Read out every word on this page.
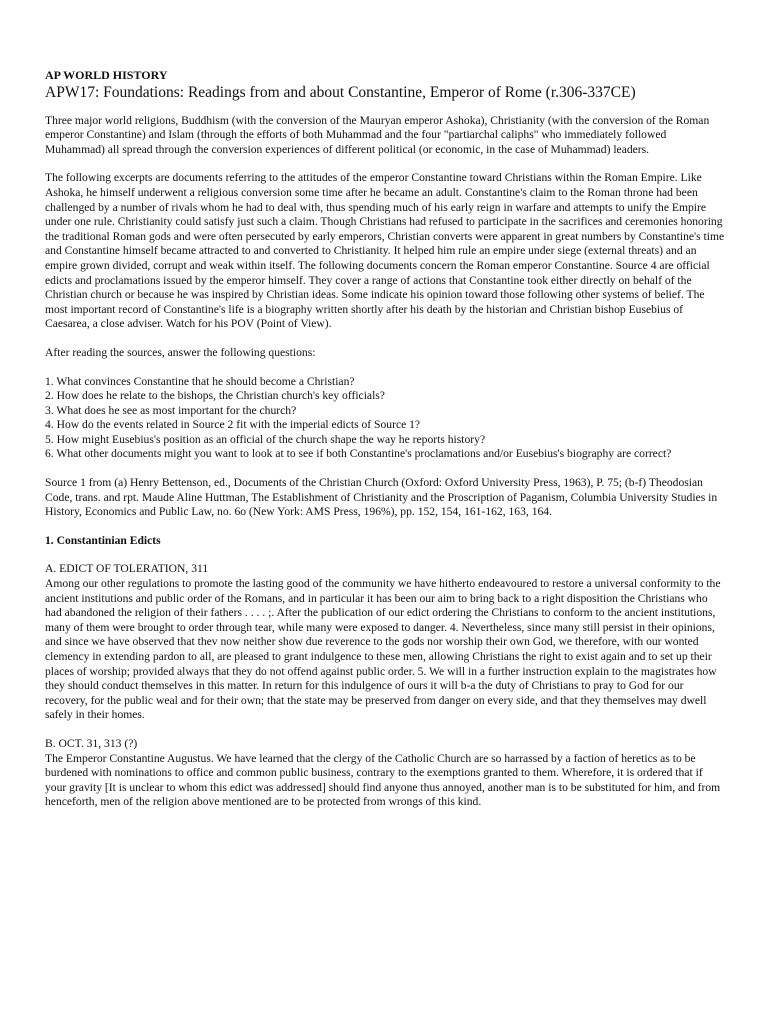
AP WORLD HISTORY
APW17: Foundations: Readings from and about Constantine, Emperor of Rome (r.306-337CE)

Three major world religions, Buddhism (with the conversion of the Mauryan emperor Ashoka), Christianity (with the conversion of the Roman emperor Constantine) and Islam (through the efforts of both Muhammad and the four "partiarchal caliphs" who immediately followed Muhammad) all spread through the conversion experiences of different political (or economic, in the case of Muhammad) leaders.

The following excerpts are documents referring to the attitudes of the emperor Constantine toward Christians within the Roman Empire. Like Ashoka, he himself underwent a religious conversion some time after he became an adult. Constantine's claim to the Roman throne had been challenged by a number of rivals whom he had to deal with, thus spending much of his early reign in warfare and attempts to unify the Empire under one rule. Christianity could satisfy just such a claim. Though Christians had refused to participate in the sacrifices and ceremonies honoring the traditional Roman gods and were often persecuted by early emperors, Christian converts were apparent in great numbers by Constantine's time and Constantine himself became attracted to and converted to Christianity. It helped him rule an empire under siege (external threats) and an empire grown divided, corrupt and weak within itself. The following documents concern the Roman emperor Constantine. Source 4 are official edicts and proclamations issued by the emperor himself. They cover a range of actions that Constantine took either directly on behalf of the Christian church or because he was inspired by Christian ideas. Some indicate his opinion toward those following other systems of belief. The most important record of Constantine's life is a biography written shortly after his death by the historian and Christian bishop Eusebius of Caesarea, a close adviser. Watch for his POV (Point of View).

After reading the sources, answer the following questions:

1. What convinces Constantine that he should become a Christian?
2. How does he relate to the bishops, the Christian church's key officials?
3. What does he see as most important for the church?
4. How do the events related in Source 2 fit with the imperial edicts of Source 1?
5. How might Eusebius's position as an official of the church shape the way he reports history?
6. What other documents might you want to look at to see if both Constantine's proclamations and/or Eusebius's biography are correct?

Source 1 from (a) Henry Bettenson, ed., Documents of the Christian Church (Oxford: Oxford University Press, 1963), P. 75; (b-f) Theodosian Code, trans. and rpt. Maude Aline Huttman, The Establishment of Christianity and the Proscription of Paganism, Columbia University Studies in History, Economics and Public Law, no. 6o (New York: AMS Press, 196%), pp. 152, 154, 161-162, 163, 164.

1. Constantinian Edicts
A. EDICT OF TOLERATION, 311

Among our other regulations to promote the lasting good of the community we have hitherto endeavoured to restore a universal conformity to the ancient institutions and public order of the Romans, and in particular it has been our aim to bring back to a right disposition the Christians who had abandoned the religion of their fathers . . . . ;. After the publication of our edict ordering the Christians to conform to the ancient institutions, many of them were brought to order through tear, while many were exposed to danger. 4. Nevertheless, since many still persist in their opinions, and since we have observed that thev now neither show due reverence to the gods nor worship their own God, we therefore, with our wonted clemency in extending pardon to all, are pleased to grant indulgence to these men, allowing Christians the right to exist again and to set up their places of worship; provided always that they do not offend against public order. 5. We will in a further instruction explain to the magistrates how they should conduct themselves in this matter. In return for this indulgence of ours it will b-a the duty of Christians to pray to God for our recovery, for the public weal and for their own; that the state may be preserved from danger on every side, and that they themselves may dwell safely in their homes.

B. OCT. 31, 313 (?)

The Emperor Constantine Augustus. We have learned that the clergy of the Catholic Church are so harrassed by a faction of heretics as to be burdened with nominations to office and common public business, contrary to the exemptions granted to them. Wherefore, it is ordered that if your gravity [It is unclear to whom this edict was addressed] should find anyone thus annoyed, another man is to be substituted for him, and from henceforth, men of the religion above mentioned are to be protected from wrongs of this kind.
